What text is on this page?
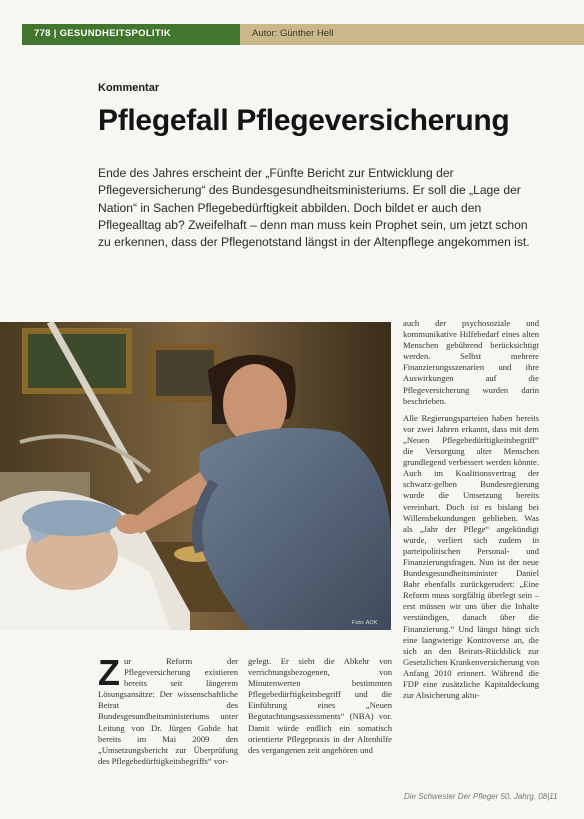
778 | GESUNDHEITSPOLITIK	Autor: Günther Hell
Kommentar
Pflegefall Pflegeversicherung

Ende des Jahres erscheint der „Fünfte Bericht zur Entwicklung der Pflegeversicherung“ des Bundesgesundheitsministeriums. Er soll die „Lage der Nation“ in Sachen Pflegebedürftigkeit abbilden. Doch bildet er auch den Pflegealltag ab? Zweifelhaft – denn man muss kein Prophet sein, um jetzt schon zu erkennen, dass der Pflegenotstand längst in der Altenpflege angekommen ist.

Foto: AOK

auch der psychosoziale und kommunikative Hilfebedarf eines alten Menschen gebührend berücksichtigt werden. Selbst mehrere Finanzierungsszenarien und ihre Auswirkungen auf die Pflegeversicherung wurden darin beschrieben.

Alle Regierungsparteien haben bereits vor zwei Jahren erkannt, dass mit dem „Neuen Pflegebedürftigkeitsbegriff“ die Versorgung alter Menschen grundlegend verbessert werden könnte. Auch im Koalitionsvertrag der schwarz-gelben Bundesregierung wurde die Umsetzung bereits vereinbart. Doch ist es bislang bei Willensbekundungen geblieben. Was als „Jahr der Pflege“ angekündigt wurde, verliert sich zudem in parteipolitischen Personal- und Finanzierungsfragen. Nun ist der neue Bundesgesundheitsminister Daniel Bahr ebenfalls zurückgerudert: „Eine Reform muss sorgfältig überlegt sein – erst müssen wir uns über die Inhalte verständigen, danach über die Finanzierung.“ Und längst hängt sich eine langwierige Kontroverse an, die sich an den Beirats-Rückblick zur Gesetzlichen Krankenversicherung von Anfang 2010 erinnert. Während die FDP eine zusätzliche Kapitaldeckung zur Absicherung aktu-

Zur Reform der Pflegeversicherung existieren bereits seit längerem Lösungsansätze: Der wissenschaftliche Beirat des Bundesgesundheitsministeriums unter Leitung von Dr. Jürgen Gohde hat bereits im Mai 2009 den „Umsetzungsbericht zur Überprüfung des Pflegebedürftigkeitsbegriffs“ vor-
gelegt. Er sieht die Abkehr von verrichtungsbezogenen, von Minutenwerten bestimmten Pflegebedürftigkeitsbegriff und die Einführung eines „Neuen Begutachtungsassessments“ (NBA) vor. Damit würde endlich ein somatisch orientierte Pflegepraxis in der Altenhilfe des vergangenen zeit angehören und
Die Schwester Der Pfleger 50. Jahrg. 08|11
